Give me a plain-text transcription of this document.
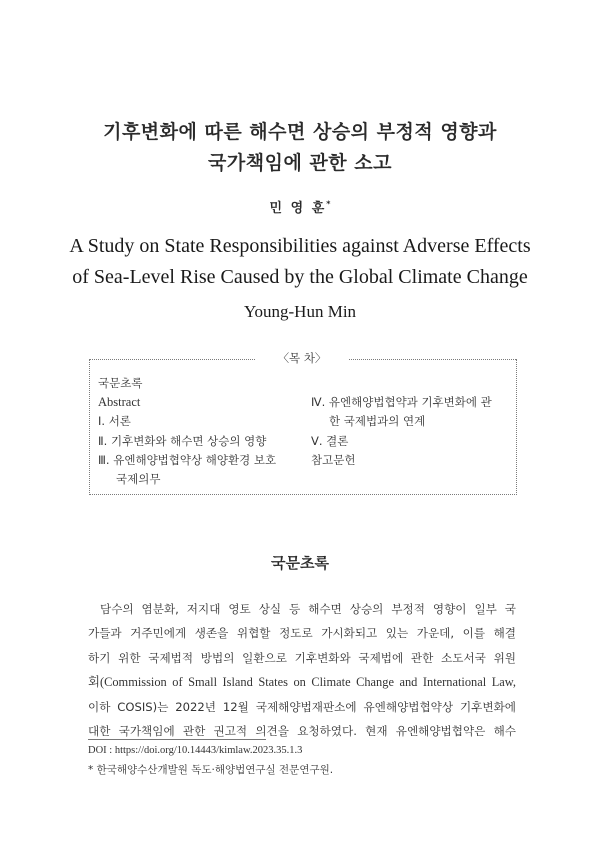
기후변화에 따른 해수면 상승의 부정적 영향과
국가책임에 관한 소고
민 영 훈*
A Study on State Responsibilities against Adverse Effects
of Sea-Level Rise Caused by the Global Climate Change
Young-Hun Min
〈목 차〉
국문초록
Abstract
Ⅰ. 서론
Ⅱ. 기후변화와 해수면 상승의 영향
Ⅲ. 유엔해양법협약상 해양환경 보호
국제의무
Ⅳ. 유엔해양법협약과 기후변화에 관
한 국제법과의 연계
Ⅴ. 결론
참고문헌
국문초록
담수의 염분화, 저지대 영토 상실 등 해수면 상승의 부정적 영향이 일부 국
가들과 거주민에게 생존을 위협할 정도로 가시화되고 있는 가운데, 이를 해결
하기 위한 국제법적 방법의 일환으로 기후변화와 국제법에 관한 소도서국 위원
회(Commission of Small Island States on Climate Change and International Law,
이하 COSIS)는 2022년 12월 국제해양법재판소에 유엔해양법협약상 기후변화에
대한 국가책임에 관한 권고적 의견을 요청하였다. 현재 유엔해양법협약은 해수
DOI : https://doi.org/10.14443/kimlaw.2023.35.1.3
* 한국해양수산개발원 독도·해양법연구실 전문연구원.
